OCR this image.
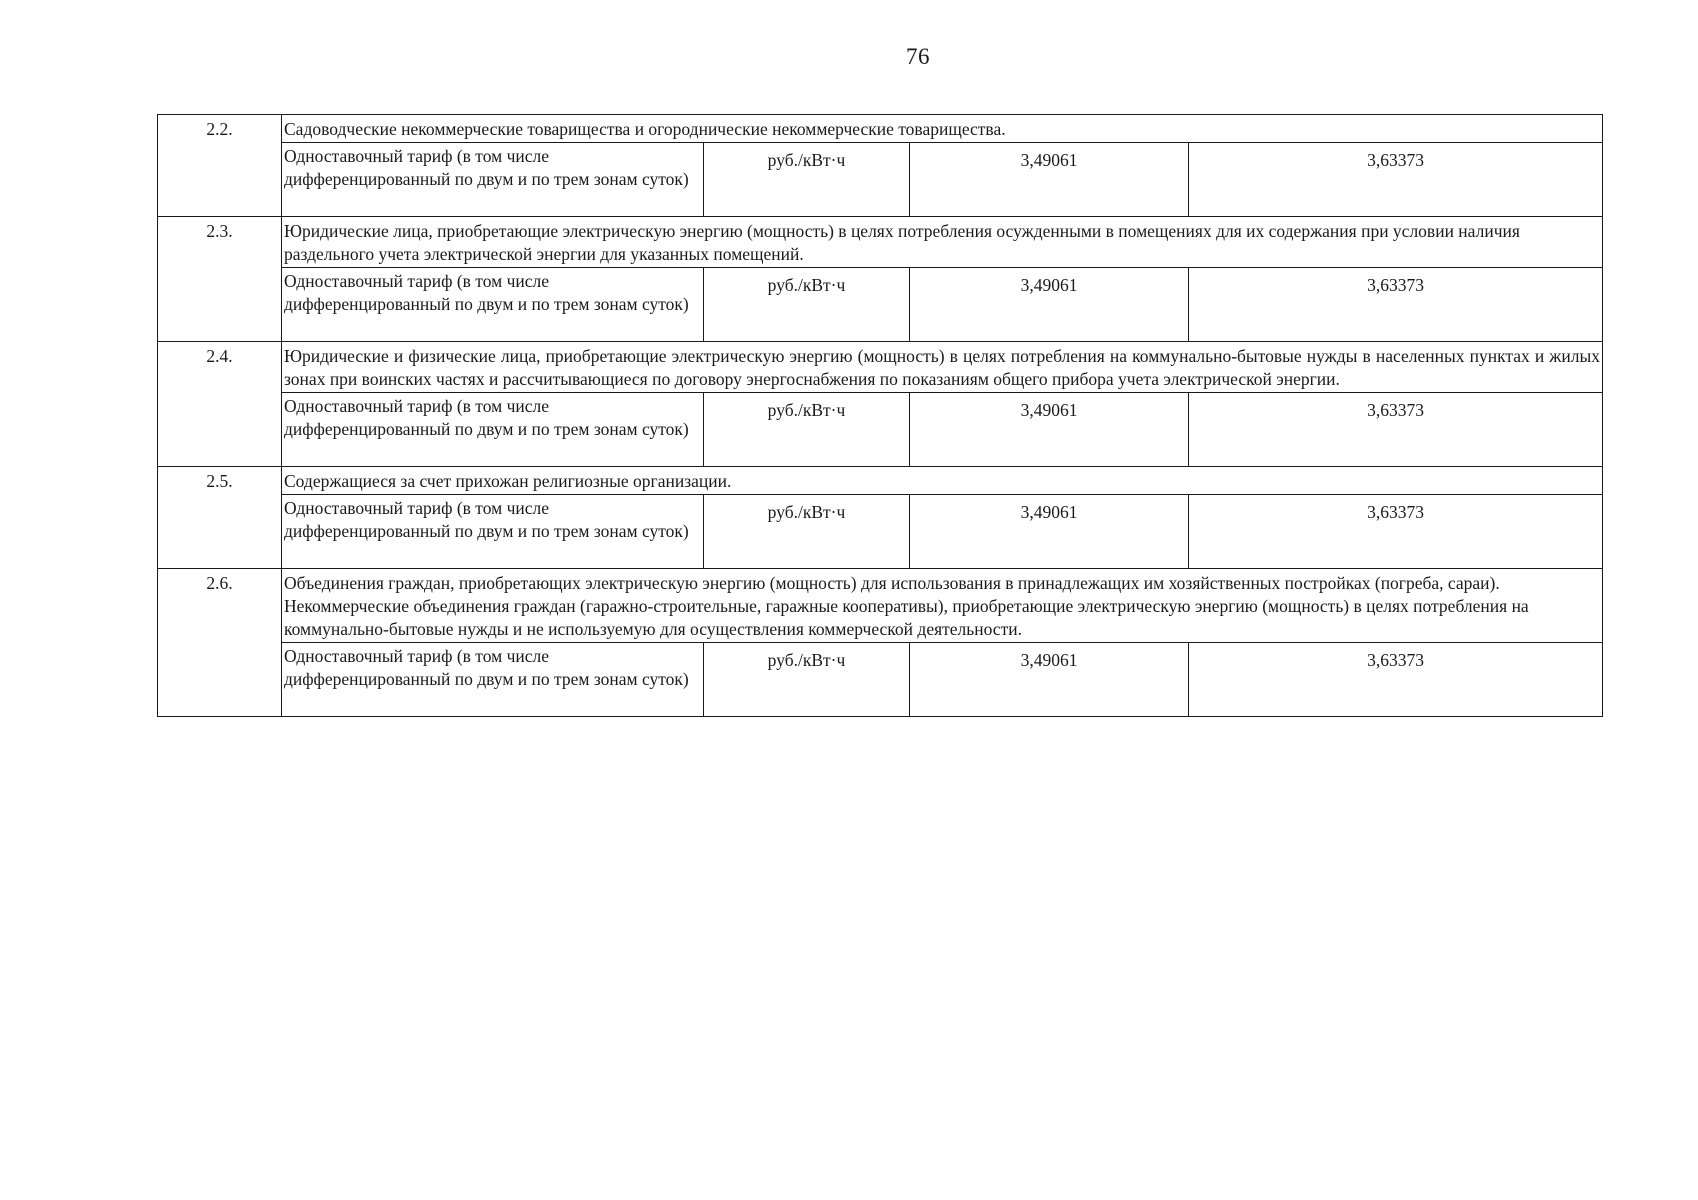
76
2.2.	Садоводческие некоммерческие товарищества и огороднические некоммерческие товарищества.			

	Одноставочный тариф (в том числе дифференцированный по двум и по трем зонам суток)	руб./кВт·ч	3,49061	3,63373
2.3.	Юридические лица, приобретающие электрическую энергию (мощность) в целях потребления осужденными в помещениях для их содержания при условии наличия раздельного учета электрической энергии для указанных помещений.			

	Одноставочный тариф (в том числе дифференцированный по двум и по трем зонам суток)	руб./кВт·ч	3,49061	3,63373
2.4.	Юридические и физические лица, приобретающие электрическую энергию (мощность) в целях потребления на коммунально-бытовые нужды в населенных пунктах и жилых зонах при воинских частях и рассчитывающиеся по договору энергоснабжения по показаниям общего прибора учета электрической энергии.			

	Одноставочный тариф (в том числе дифференцированный по двум и по трем зонам суток)	руб./кВт·ч	3,49061	3,63373
2.5.	Содержащиеся за счет прихожан религиозные организации.			

	Одноставочный тариф (в том числе дифференцированный по двум и по трем зонам суток)	руб./кВт·ч	3,49061	3,63373
2.6.	Объединения граждан, приобретающих электрическую энергию (мощность) для использования в принадлежащих им хозяйственных постройках (погреба, сараи).
Некоммерческие объединения граждан (гаражно-строительные, гаражные кооперативы), приобретающие электрическую энергию (мощность) в целях потребления на коммунально-бытовые нужды и не используемую для осуществления коммерческой деятельности.			

	Одноставочный тариф (в том числе дифференцированный по двум и по трем зонам суток)	руб./кВт·ч	3,49061	3,63373
